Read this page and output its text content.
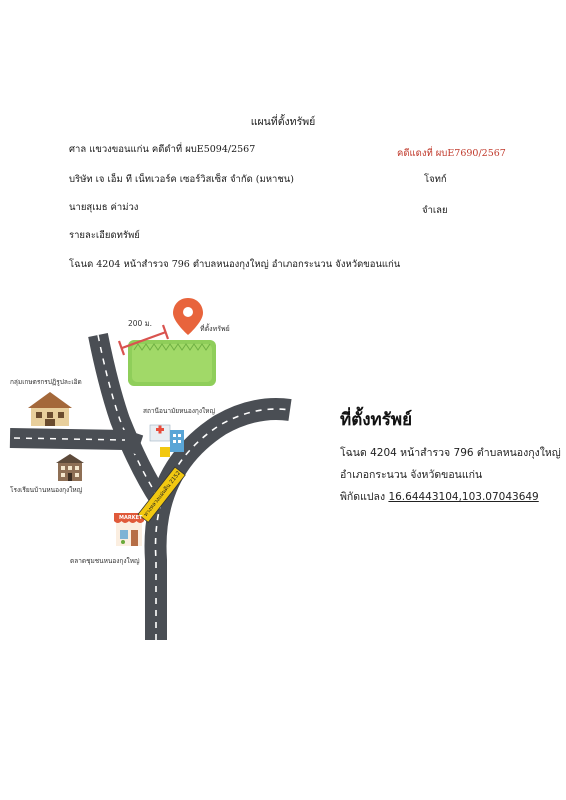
แผนที่ตั้งทรัพย์
ศาล แขวงขอนแก่น คดีดำที่ ผบE5094/2567	คดีแดงที่ ผบE7690/2567
บริษัท เจ เอ็ม ที เน็ทเวอร์ค เซอร์วิสเซ็ส จำกัด (มหาชน)	โจทก์
นายสุเมธ ค่าม่วง	จำเลย
รายละเอียดทรัพย์
โฉนด 4204 หน้าสำรวจ 796 ตำบลหนองกุงใหญ่ อำเภอกระนวน จังหวัดขอนแก่น
200 ม.
ที่ตั้งทรัพย์
กลุ่มเกษตรกรปฏิรูปละเอิด
สถานีอนามัยหนองกุงใหญ่
โรงเรียนบ้านหนองกุงใหญ่
MARKET
ตลาดชุมชนหนองกุงใหญ่
ทางหลวงแผ่นดิน 2152
ที่ตั้งทรัพย์
โฉนด 4204 หน้าสำรวจ 796 ตำบลหนองกุงใหญ่
อำเภอกระนวน จังหวัดขอนแก่น
พิกัดแปลง 16.64443104,103.07043649
